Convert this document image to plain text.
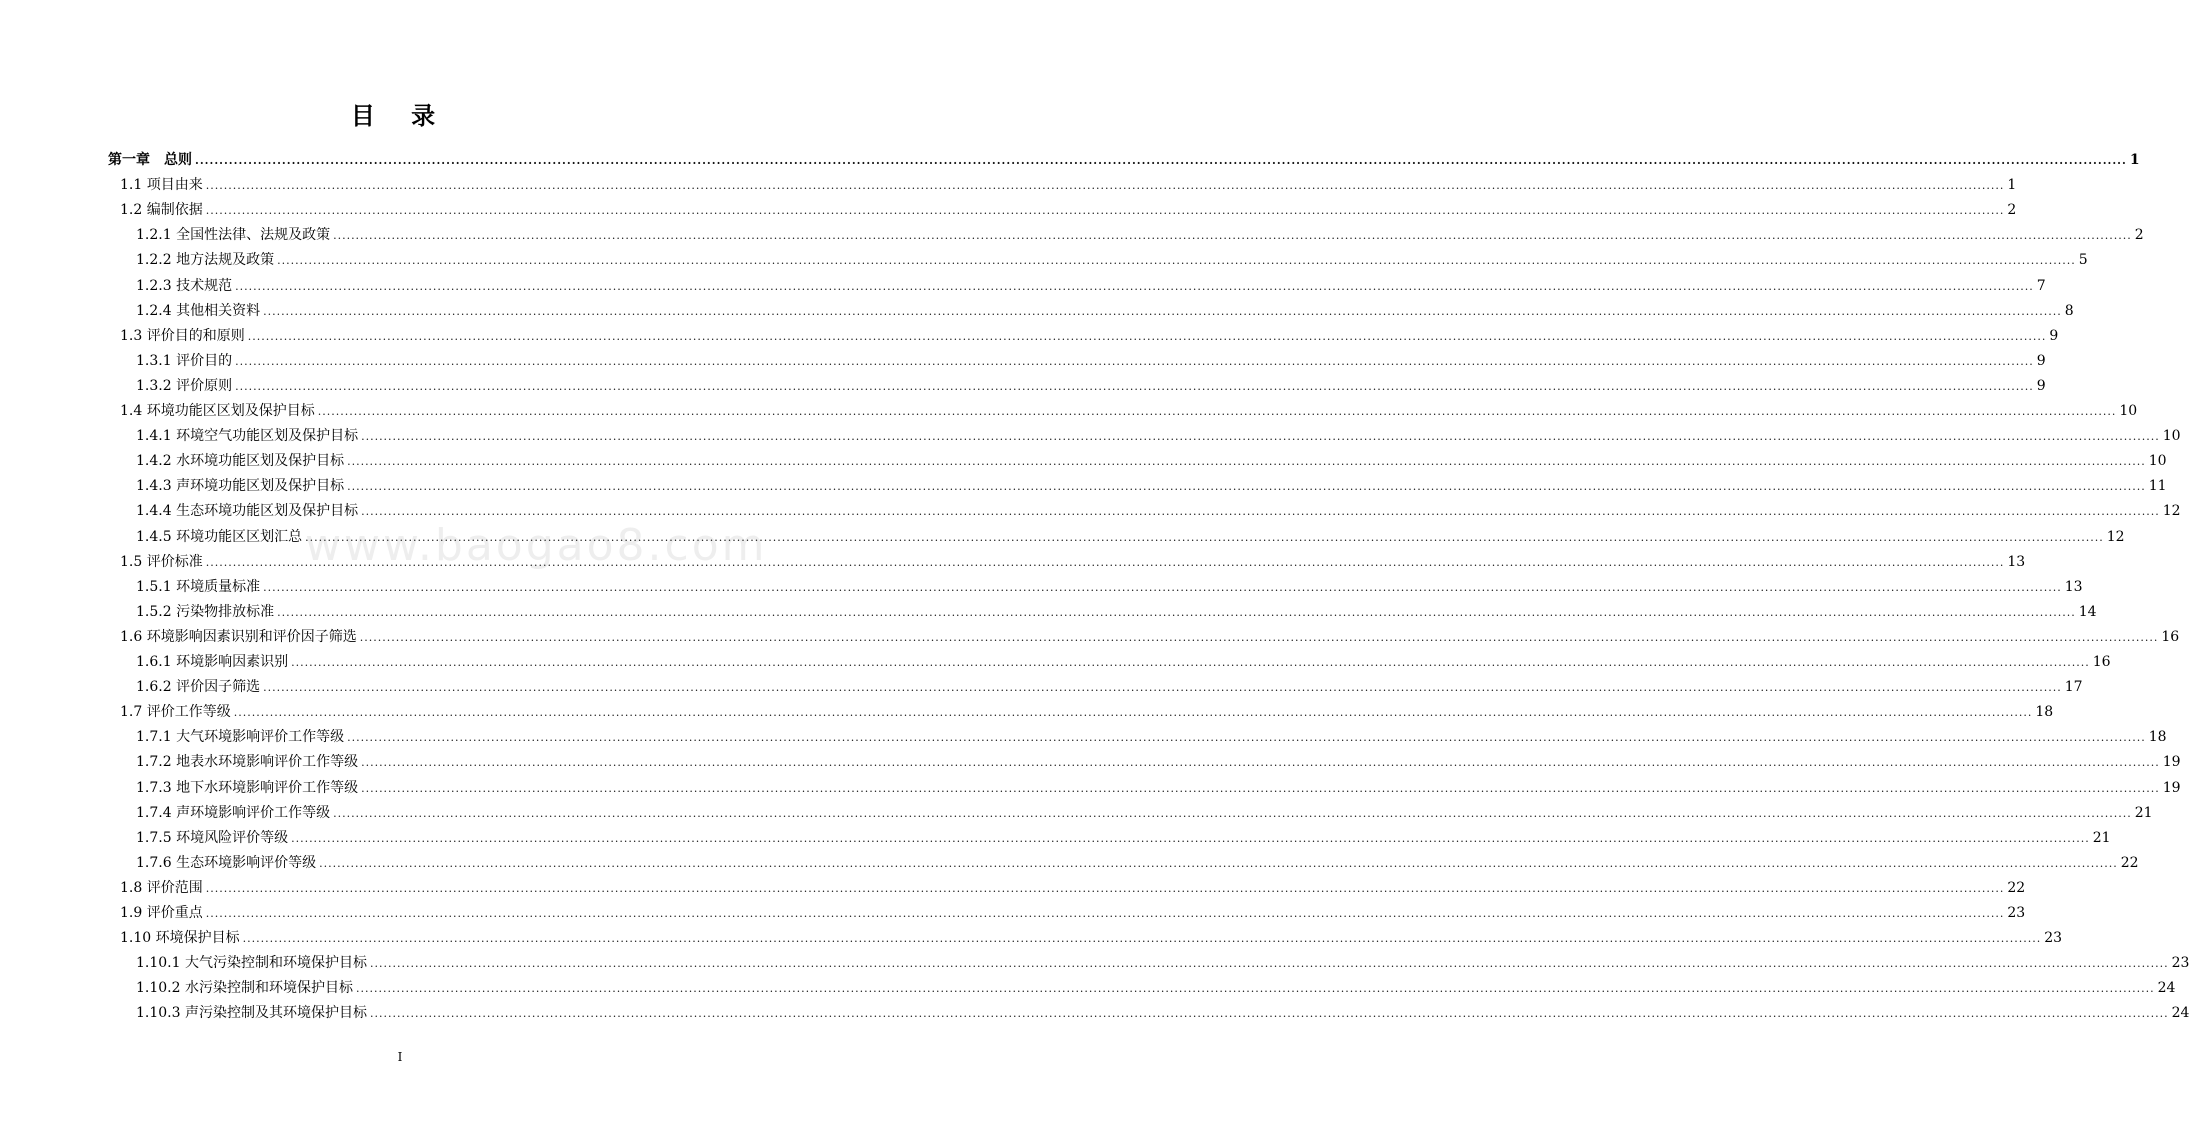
目 录
第一章　总则 ................................................................................................................................................................................................................................................................................................................................................................................................................ 1
1.1 项目由来 ................................................................................................................................................................................................................................................................................................................................................................................................................ 1
1.2 编制依据 ................................................................................................................................................................................................................................................................................................................................................................................................................ 2
1.2.1 全国性法律、法规及政策 ................................................................................................................................................................................................................................................................................................................................................................................................................ 2
1.2.2 地方法规及政策 ................................................................................................................................................................................................................................................................................................................................................................................................................ 5
1.2.3 技术规范 ................................................................................................................................................................................................................................................................................................................................................................................................................ 7
1.2.4 其他相关资料 ................................................................................................................................................................................................................................................................................................................................................................................................................ 8
1.3 评价目的和原则 ................................................................................................................................................................................................................................................................................................................................................................................................................ 9
1.3.1 评价目的 ................................................................................................................................................................................................................................................................................................................................................................................................................ 9
1.3.2 评价原则 ................................................................................................................................................................................................................................................................................................................................................................................................................ 9
1.4 环境功能区区划及保护目标 ................................................................................................................................................................................................................................................................................................................................................................................................................ 10
1.4.1 环境空气功能区划及保护目标 ................................................................................................................................................................................................................................................................................................................................................................................................................ 10
1.4.2 水环境功能区划及保护目标 ................................................................................................................................................................................................................................................................................................................................................................................................................ 10
1.4.3 声环境功能区划及保护目标 ................................................................................................................................................................................................................................................................................................................................................................................................................ 11
1.4.4 生态环境功能区划及保护目标 ................................................................................................................................................................................................................................................................................................................................................................................................................ 12
1.4.5 环境功能区区划汇总 ................................................................................................................................................................................................................................................................................................................................................................................................................ 12
1.5 评价标准 ................................................................................................................................................................................................................................................................................................................................................................................................................ 13
1.5.1 环境质量标准 ................................................................................................................................................................................................................................................................................................................................................................................................................ 13
1.5.2 污染物排放标准 ................................................................................................................................................................................................................................................................................................................................................................................................................ 14
1.6 环境影响因素识别和评价因子筛选 ................................................................................................................................................................................................................................................................................................................................................................................................................ 16
1.6.1 环境影响因素识别 ................................................................................................................................................................................................................................................................................................................................................................................................................ 16
1.6.2 评价因子筛选 ................................................................................................................................................................................................................................................................................................................................................................................................................ 17
1.7 评价工作等级 ................................................................................................................................................................................................................................................................................................................................................................................................................ 18
1.7.1 大气环境影响评价工作等级 ................................................................................................................................................................................................................................................................................................................................................................................................................ 18
1.7.2 地表水环境影响评价工作等级 ................................................................................................................................................................................................................................................................................................................................................................................................................ 19
1.7.3 地下水环境影响评价工作等级 ................................................................................................................................................................................................................................................................................................................................................................................................................ 19
1.7.4 声环境影响评价工作等级 ................................................................................................................................................................................................................................................................................................................................................................................................................ 21
1.7.5 环境风险评价等级 ................................................................................................................................................................................................................................................................................................................................................................................................................ 21
1.7.6 生态环境影响评价等级 ................................................................................................................................................................................................................................................................................................................................................................................................................ 22
1.8 评价范围 ................................................................................................................................................................................................................................................................................................................................................................................................................ 22
1.9 评价重点 ................................................................................................................................................................................................................................................................................................................................................................................................................ 23
1.10 环境保护目标 ................................................................................................................................................................................................................................................................................................................................................................................................................ 23
1.10.1 大气污染控制和环境保护目标 ................................................................................................................................................................................................................................................................................................................................................................................................................ 23
1.10.2 水污染控制和环境保护目标 ................................................................................................................................................................................................................................................................................................................................................................................................................ 24
1.10.3 声污染控制及其环境保护目标 ................................................................................................................................................................................................................................................................................................................................................................................................................ 24
www.baogao8.com
I
